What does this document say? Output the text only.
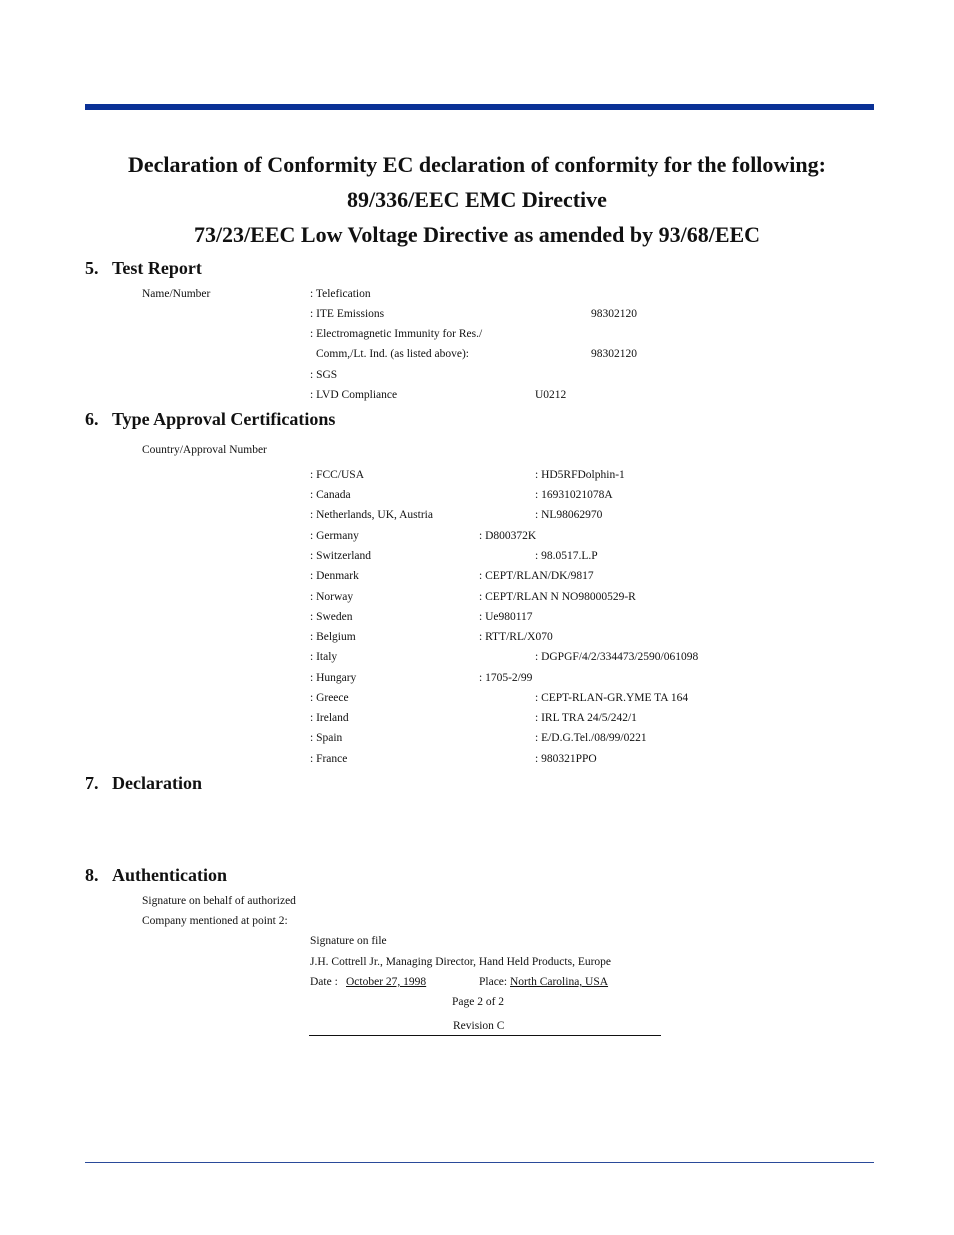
Declaration of Conformity EC declaration of conformity for the following:
89/336/EEC EMC Directive
73/23/EEC Low Voltage Directive as amended by 93/68/EEC
5. Test Report
Name/Number	: Telefication
: ITE Emissions	98302120
: Electromagnetic Immunity for Res./
Comm,/Lt. Ind. (as listed above):	98302120
: SGS
: LVD Compliance	U0212
6. Type Approval Certifications
Country/Approval Number
: FCC/USA	: HD5RFDolphin-1
: Canada	: 16931021078A
: Netherlands, UK, Austria	: NL98062970
: Germany	: D800372K
: Switzerland	: 98.0517.L.P
: Denmark	: CEPT/RLAN/DK/9817
: Norway	: CEPT/RLAN N NO98000529-R
: Sweden	: Ue980117
: Belgium	: RTT/RL/X070
: Italy	: DGPGF/4/2/334473/2590/061098
: Hungary	: 1705-2/99
: Greece	: CEPT-RLAN-GR.YME TA 164
: Ireland	: IRL TRA 24/5/242/1
: Spain	: E/D.G.Tel./08/99/0221
: France	: 980321PPO
7. Declaration
8. Authentication
Signature on behalf of authorized
Company mentioned at point 2:
Signature on file
J.H. Cottrell Jr., Managing Director, Hand Held Products, Europe
Date : October 27, 1998	Place: North Carolina, USA
Page 2 of 2
Revision C
